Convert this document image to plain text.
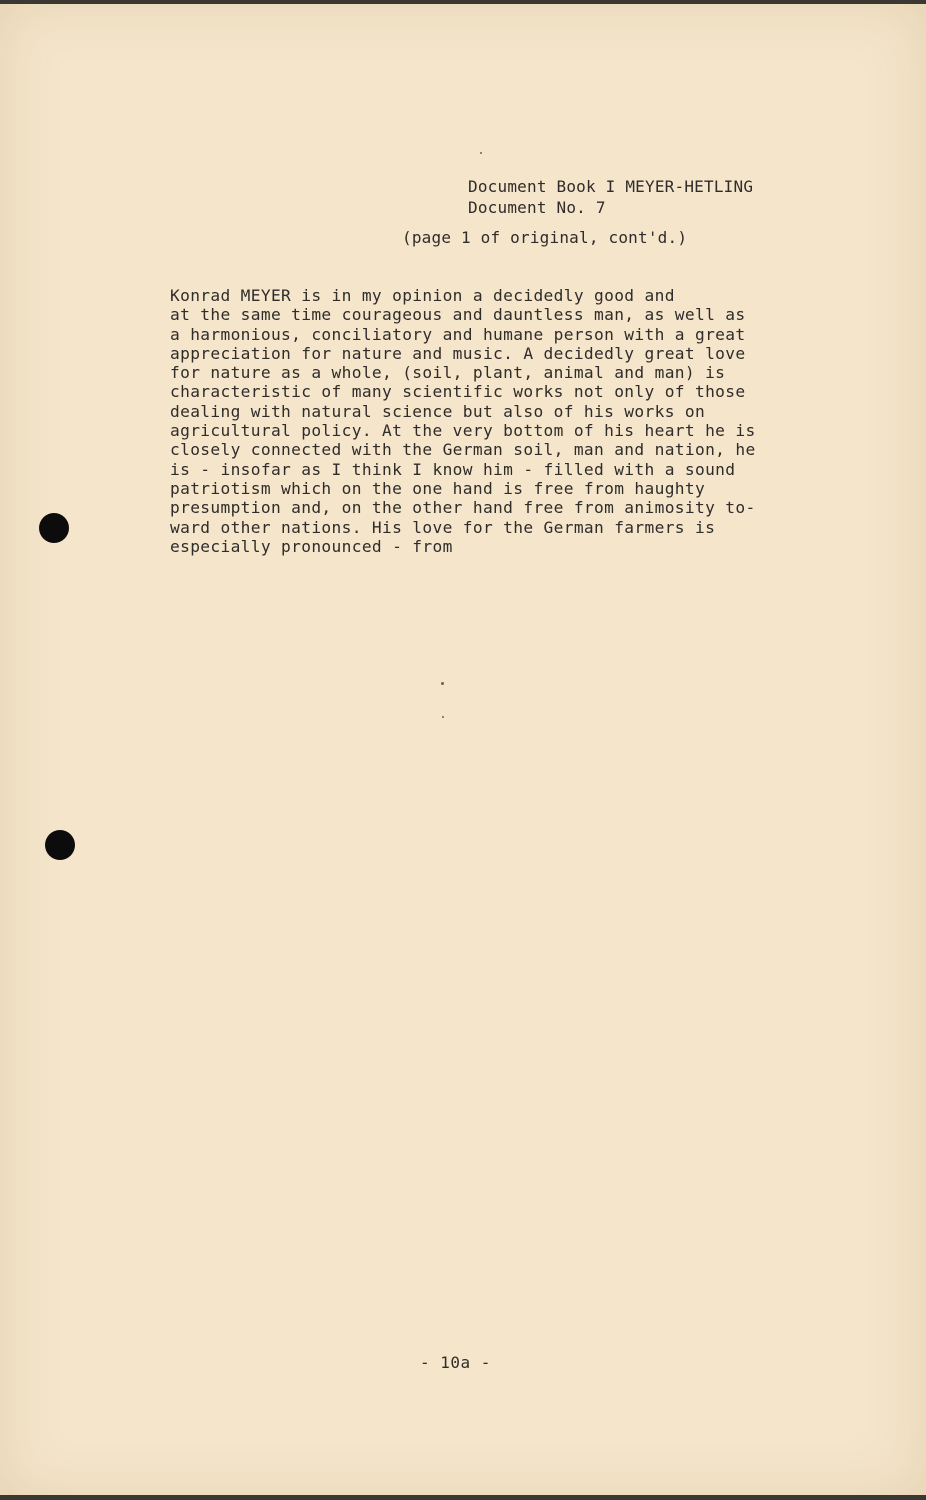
Document Book I MEYER-HETLING
Document No. 7
(page 1 of original, cont'd.)
Konrad MEYER is in my opinion a decidedly good and
at the same time courageous and dauntless man, as well as
a harmonious, conciliatory and humane person with a great
appreciation for nature and music. A decidedly great love
for nature as a whole, (soil, plant, animal and man) is
characteristic of many scientific works not only of those
dealing with natural science but also of his works on
agricultural policy. At the very bottom of his heart he is
closely connected with the German soil, man and nation, he
is - insofar as I think I know him - filled with a sound
patriotism which on the one hand is free from haughty
presumption and, on the other hand free from animosity to-
ward other nations. His love for the German farmers is
especially pronounced - from
- 10a -
